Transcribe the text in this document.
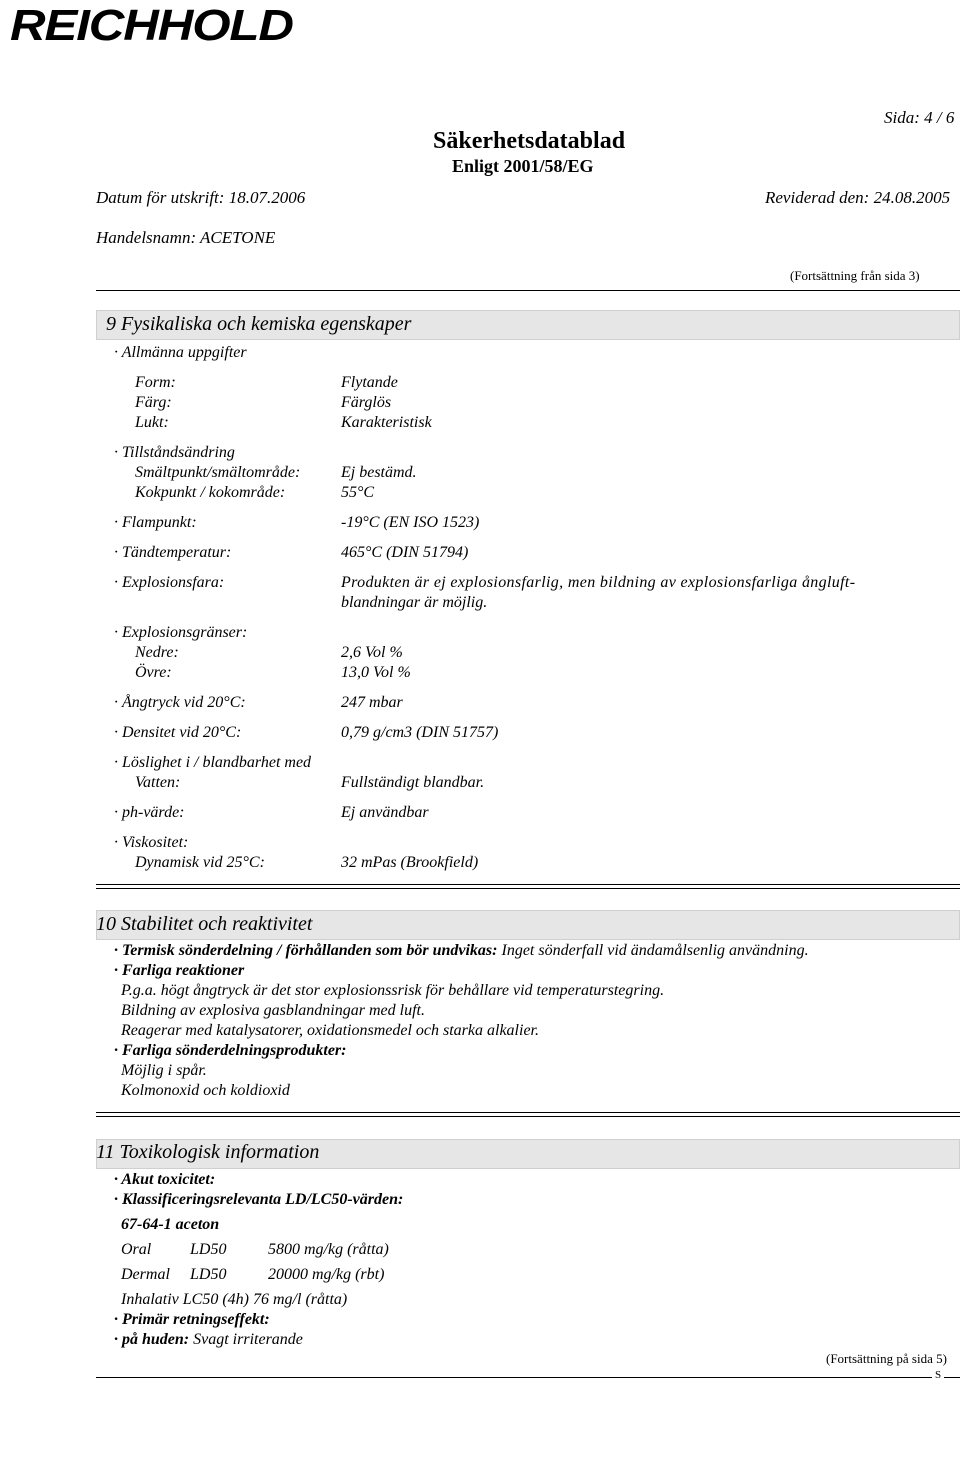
REICHHOLD
Sida: 4 / 6
Säkerhetsdatablad
Enligt 2001/58/EG
Datum för utskrift: 18.07.2006	Reviderad den: 24.08.2005
Handelsnamn: ACETONE
(Fortsättning från sida 3)
9 Fysikaliska och kemiska egenskaper
· Allmänna uppgifter
Form:	Flytande
Färg:	Färglös
Lukt:	Karakteristisk
· Tillståndsändring
Smältpunkt/smältområde:	Ej bestämd.
Kokpunkt / kokområde:	55°C
· Flampunkt:	-19°C (EN ISO 1523)
· Tändtemperatur:	465°C (DIN 51794)
· Explosionsfara:	Produkten är ej explosionsfarlig, men bildning av explosionsfarliga ångluft-
blandningar är möjlig.
· Explosionsgränser:
Nedre:	2,6 Vol %
Övre:	13,0 Vol %
· Ångtryck vid 20°C:	247 mbar
· Densitet vid 20°C:	0,79 g/cm3 (DIN 51757)
· Löslighet i / blandbarhet med
Vatten:	Fullständigt blandbar.
· ph-värde:	Ej användbar
· Viskositet:
Dynamisk vid 25°C:	32 mPas (Brookfield)
10 Stabilitet och reaktivitet
· Termisk sönderdelning / förhållanden som bör undvikas: Inget sönderfall vid ändamålsenlig användning.
· Farliga reaktioner
P.g.a. högt ångtryck är det stor explosionssrisk för behållare vid temperaturstegring.
Bildning av explosiva gasblandningar med luft.
Reagerar med katalysatorer, oxidationsmedel och starka alkalier.
· Farliga sönderdelningsprodukter:
Möjlig i spår.
Kolmonoxid och koldioxid
11 Toxikologisk information
· Akut toxicitet:
· Klassificeringsrelevanta LD/LC50-värden:
67-64-1 aceton
Oral LD50	5800 mg/kg (råtta)
Dermal LD50	20000 mg/kg (rbt)
Inhalativ LC50 (4h) 76 mg/l (råtta)
· Primär retningseffekt:
· på huden: Svagt irriterande
(Fortsättning på sida 5)
S
